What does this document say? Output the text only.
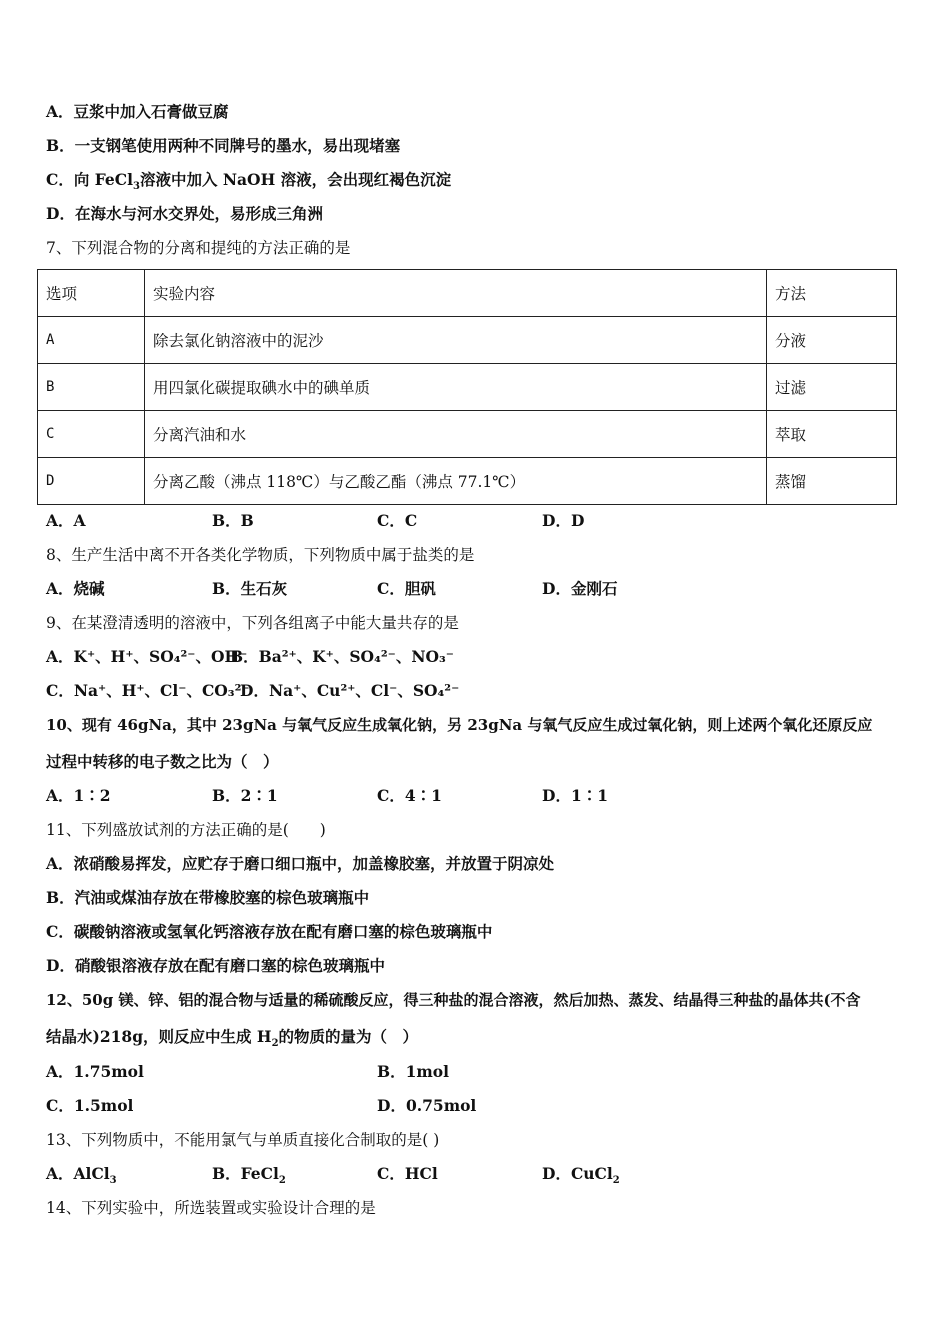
A．豆浆中加入石膏做豆腐
B．一支钢笔使用两种不同牌号的墨水，易出现堵塞
C．向 FeCl$_3$溶液中加入 NaOH 溶液，会出现红褐色沉淀
D．在海水与河水交界处，易形成三角洲
7、下列混合物的分离和提纯的方法正确的是
选项	实验内容	方法
A	除去氯化钠溶液中的泥沙	分液
B	用四氯化碳提取碘水中的碘单质	过滤
C	分离汽油和水	萃取
D	分离乙酸（沸点 118℃）与乙酸乙酯（沸点 77.1℃）	蒸馏
A．A	B．B	C．C	D．D
8、生产生活中离不开各类化学物质，下列物质中属于盐类的是
A．烧碱	B．生石灰	C．胆矾	D．金刚石
9、在某澄清透明的溶液中，下列各组离子中能大量共存的是
A．K⁺、H⁺、SO₄²⁻、OH⁻
B．Ba²⁺、K⁺、SO₄²⁻、NO₃⁻
C．Na⁺、H⁺、Cl⁻、CO₃²⁻
D．Na⁺、Cu²⁺、Cl⁻、SO₄²⁻
10、现有 46gNa，其中 23gNa 与氧气反应生成氧化钠，另 23gNa 与氧气反应生成过氧化钠，则上述两个氧化还原反应
过程中转移的电子数之比为（　）
A．1∶2	B．2∶1	C．4∶1	D．1∶1
11、下列盛放试剂的方法正确的是(　　)
A．浓硝酸易挥发，应贮存于磨口细口瓶中，加盖橡胶塞，并放置于阴凉处
B．汽油或煤油存放在带橡胶塞的棕色玻璃瓶中
C．碳酸钠溶液或氢氧化钙溶液存放在配有磨口塞的棕色玻璃瓶中
D．硝酸银溶液存放在配有磨口塞的棕色玻璃瓶中
12、50g 镁、锌、铝的混合物与适量的稀硫酸反应，得三种盐的混合溶液，然后加热、蒸发、结晶得三种盐的晶体共(不含
结晶水)218g，则反应中生成 $H_2$的物质的量为（　）
A．1.75mol	B．1mol
C．1.5mol	D．0.75mol
13、下列物质中，不能用氯气与单质直接化合制取的是( )
A．AlCl$_3$	B．FeCl$_2$	C．HCl	D．CuCl$_2$
14、下列实验中，所选装置或实验设计合理的是
